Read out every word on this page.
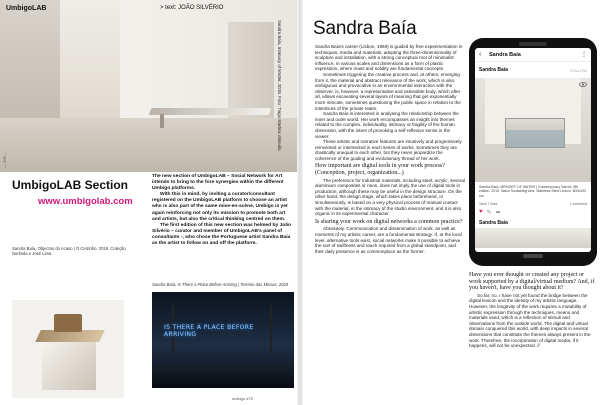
UmbigoLAB	> text: JOÃO SILVÉRIO
Sandra Baía, Intimacy of Matter, 2018. Foto: Tiago Martins Almeida
— 206 —
UmbigoLAB Section
www.umbigolab.com

The new section of UmbigoLAB – Social Network for Art intends to bring to the fore synergies within the different Umbigo platforms.

With this in mind, by inviting a curator/consultant registered on the UmbigoLAB platform to choose an artist who is also part of the same mise-en-scène, Umbigo is yet again reinforcing not only its mission to promote both art and artists, but also the critical thinking centred on them.

The first edition of this new section was helmed by João Silvério – curator and member of UmbigoLAB's panel of consultants -, who chose the Portuguese artist Sandra Baía as the artist to follow on and off the platform.

Sandra Baía, Objectos do Acaso | O Cerrinho, 2019. Coleção Norlinda e José Lima
Sandra Baía, Is There a Place Before Arriving | Terreiro das Missas, 2019
IS THERE A PLACE BEFORE ARRIVING
umbigo #70
Sandra Baía

Sandra Baía's career (Lisbon, 1968) is guided by free experimentation in techniques, media and materials, adopting the three-dimensionality of sculpture and installation, with a strong conceptual root of minimalist influence, in various scales and dimensions as a form of plastic expression, where mass and solidity are fundamental concepts.

Sometimes triggering the creative process and, at others, emerging from it, the material and abstract relevance of the work, which is also ambiguous and provocative in an environmental interaction with the observer, is, however, a representative and ostensible body, which after all, allows excavating several layers of meaning that get exponentially more intricate, sometimes questioning the public space in relation to the interstices of the private realm.

Sandra Baía is interested in analysing the relationship between the inner and outer world. Her work encompasses an insight into themes related to the complex, individuality, intimacy or fragility of the human dimension, with the intent of provoking a self-reflexive sense in the viewer.

These artistic and narrative features are intuitively and progressively reinvented or intersected in each series of works. Sometimes they are drastically unequal to each other, but they never jeopardize the coherence of the guiding and evolutionary thread of her work.

How important are digital tools in your work process? (Conception, project, organization...)

The preference for industrial materials, including steel, acrylic, several aluminium composites or neon, does not imply the use of digital tools in production, although these may be useful in the design structure. On the other hand, the design stage, which takes place beforehand, or simultaneously, is based on a very physical process of manual contact with the material, in the intimacy of the studio environment, and it is also organic in its experimental character.

Is sharing your work on digital networks a common practice?

Absolutely. Communication and dissemination of work, as well as moments of my artistic career, are a fundamental strategy. If, at the local level, alternative tools exist, social networks make it possible to achieve the sort of swiftness and reach required from a global standpoint, and their daily presence is as commonplace as the former.

‹	Sandra Baía	⋮
Sandra Baía	FOLLOW
Sandra Baía, MEMORY OF WATER | Contemporary Salvini, 5th edition, 2015, Nalco Sustaining Arts, Stainless Steel Lisbon, 600x400 cm
View 7 likes	1 comment
♥ ✎ ➦
Sandra Baía
Have you ever thought or created any project or work supported by a digital/virtual medium? And, if you haven't, have you thought about it?

So far, no. I have not yet found the bridge between the digital lexicon and the identity of my artistic language. However, the longevity of the work requires a mutability of artistic expression through the techniques, means and materials used, which is a reflection of stimuli and observations from the outside world. The digital and virtual domain conquered this world, with deep impacts in several dimensions that constitute the themes always present in the work. Therefore, the incorporation of digital media, if it happens, will not be unexpected. //
